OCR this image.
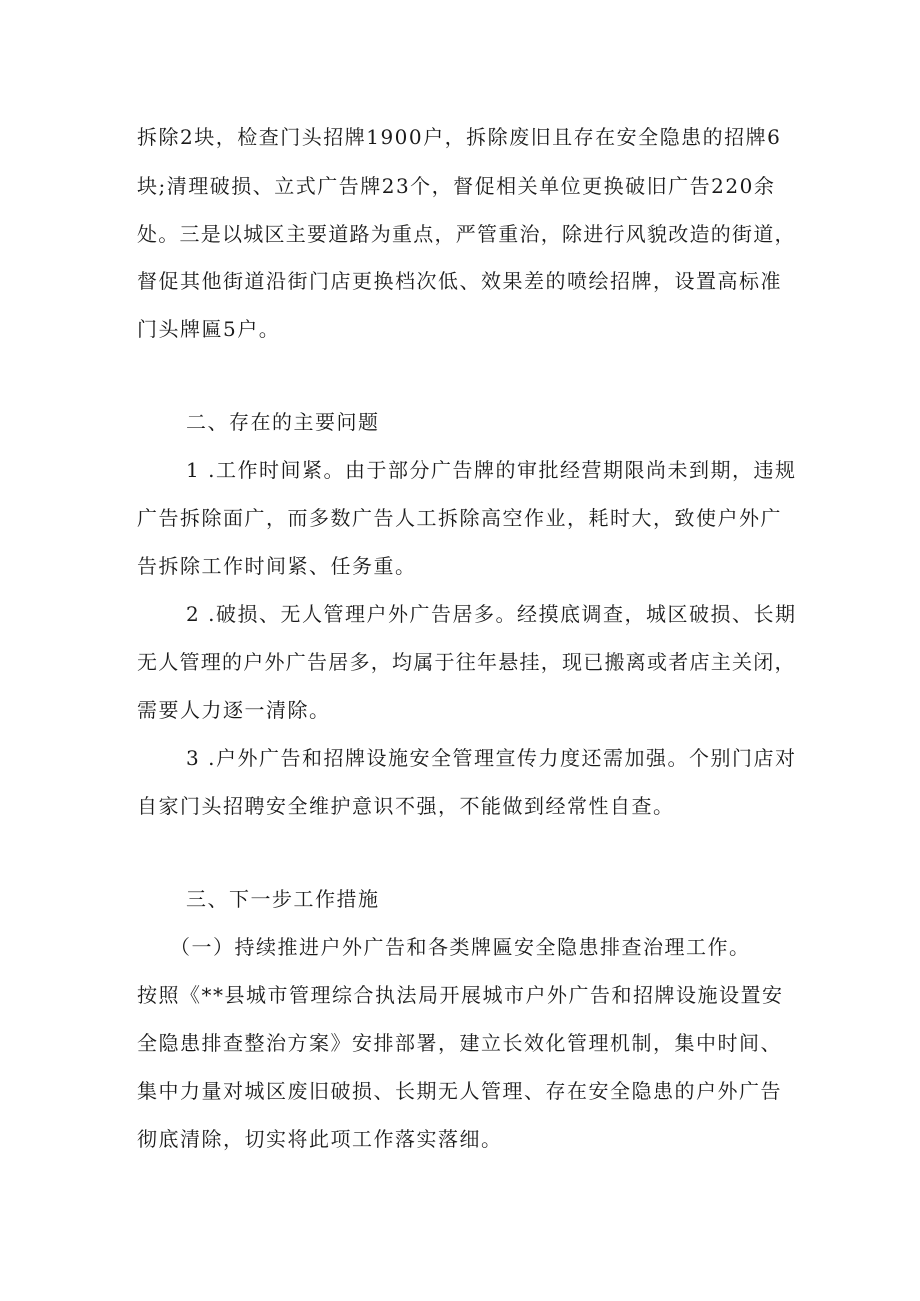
拆除2块，检查门头招牌1900户，拆除废旧且存在安全隐患的招牌6
块;清理破损、立式广告牌23个，督促相关单位更换破旧广告220余
处。三是以城区主要道路为重点，严管重治，除进行风貌改造的街道，
督促其他街道沿街门店更换档次低、效果差的喷绘招牌，设置高标准
门头牌匾5户。
二、存在的主要问题
1 .工作时间紧。由于部分广告牌的审批经营期限尚未到期，违规
广告拆除面广，而多数广告人工拆除高空作业，耗时大，致使户外广
告拆除工作时间紧、任务重。
2 .破损、无人管理户外广告居多。经摸底调查，城区破损、长期
无人管理的户外广告居多，均属于往年悬挂，现已搬离或者店主关闭，
需要人力逐一清除。
3 .户外广告和招牌设施安全管理宣传力度还需加强。个别门店对
自家门头招聘安全维护意识不强，不能做到经常性自查。
三、下一步工作措施
（一）持续推进户外广告和各类牌匾安全隐患排查治理工作。
按照《**县城市管理综合执法局开展城市户外广告和招牌设施设置安
全隐患排查整治方案》安排部署，建立长效化管理机制，集中时间、
集中力量对城区废旧破损、长期无人管理、存在安全隐患的户外广告
彻底清除，切实将此项工作落实落细。
